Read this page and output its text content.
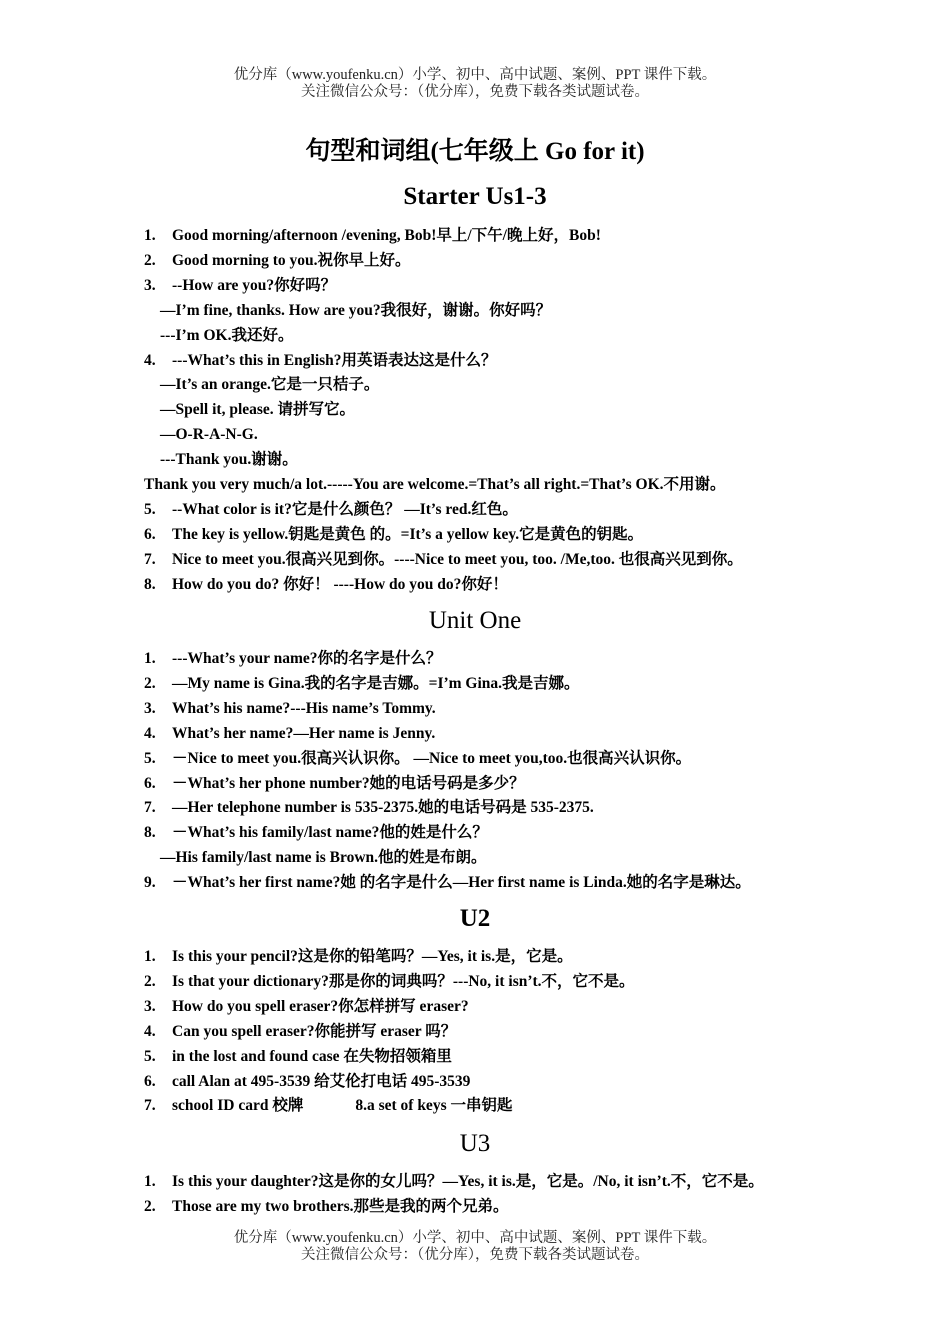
优分库（www.youfenku.cn）小学、初中、高中试题、案例、PPT 课件下载。
关注微信公众号：（优分库），免费下载各类试题试卷。
句型和词组(七年级上 Go for it)
Starter Us1-3
1. Good morning/afternoon /evening, Bob!早上/下午/晚上好，Bob!
2. Good morning to you.祝你早上好。
3. --How are you?你好吗？
—I’m fine, thanks. How are you?我很好，谢谢。你好吗？
---I’m OK.我还好。
4. ---What’s this in English?用英语表达这是什么？
—It’s an orange.它是一只桔子。
—Spell it, please. 请拼写它。
—O-R-A-N-G.
---Thank you.谢谢。
Thank you very much/a lot.-----You are welcome.=That’s all right.=That’s OK.不用谢。
5. --What color is it?它是什么颜色？ —It’s red.红色。
6. The key is yellow.钥匙是黄色 的。=It’s a yellow key.它是黄色的钥匙。
7. Nice to meet you.很高兴见到你。----Nice to meet you, too. /Me,too. 也很高兴见到你。
8. How do you do? 你好！ ----How do you do?你好！
Unit One
1. ---What’s your name?你的名字是什么？
2. —My name is Gina.我的名字是吉娜。=I’m Gina.我是吉娜。
3. What’s his name?---His name’s Tommy.
4. What’s her name?—Her name is Jenny.
5. －Nice to meet you.很高兴认识你。 —Nice to meet you,too.也很高兴认识你。
6. －What’s her phone number?她的电话号码是多少？
7. —Her telephone number is 535-2375.她的电话号码是 535-2375.
8. －What’s his family/last name?他的姓是什么？
—His family/last name is Brown.他的姓是布朗。
9. －What’s her first name?她 的名字是什么—Her first name is Linda.她的名字是琳达。
U2
1. Is this your pencil?这是你的铅笔吗？—Yes, it is.是，它是。
2. Is that your dictionary?那是你的词典吗？---No, it isn’t.不，它不是。
3. How do you spell eraser?你怎样拼写 eraser?
4. Can you spell eraser?你能拼写 eraser 吗？
5. in the lost and found case 在失物招领箱里
6. call Alan at 495-3539 给艾伦打电话 495-3539
7. school ID card 校牌	8.a set of keys 一串钥匙
U3
1. Is this your daughter?这是你的女儿吗？—Yes, it is.是，它是。/No, it isn’t.不，它不是。
2. Those are my two brothers.那些是我的两个兄弟。
优分库（www.youfenku.cn）小学、初中、高中试题、案例、PPT 课件下载。
关注微信公众号：（优分库），免费下载各类试题试卷。
